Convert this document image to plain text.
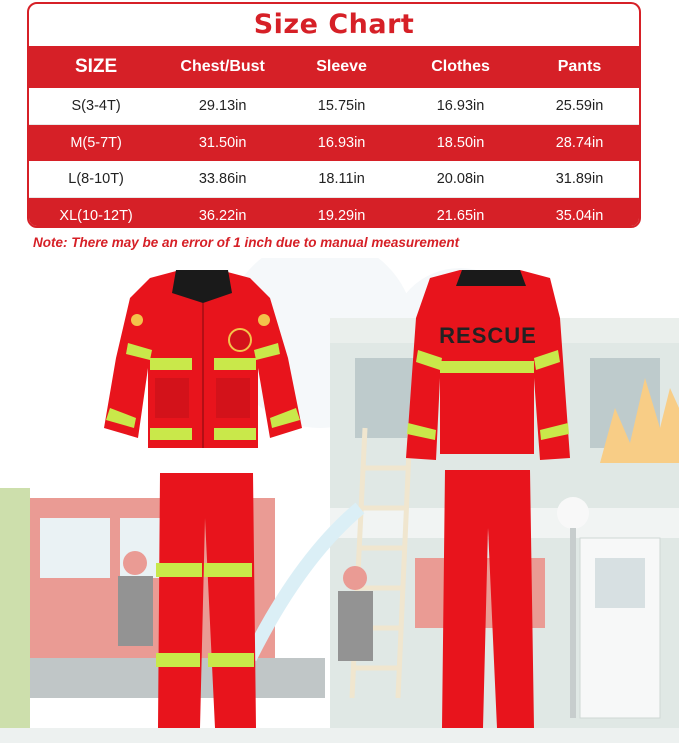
Size Chart
SIZE	Chest/Bust	Sleeve	Clothes	Pants
S(3-4T)	29.13in	15.75in	16.93in	25.59in
M(5-7T)	31.50in	16.93in	18.50in	28.74in
L(8-10T)	33.86in	18.11in	20.08in	31.89in
XL(10-12T)	36.22in	19.29in	21.65in	35.04in
Note: There may be an error of 1 inch due to manual measurement
RESCUE
